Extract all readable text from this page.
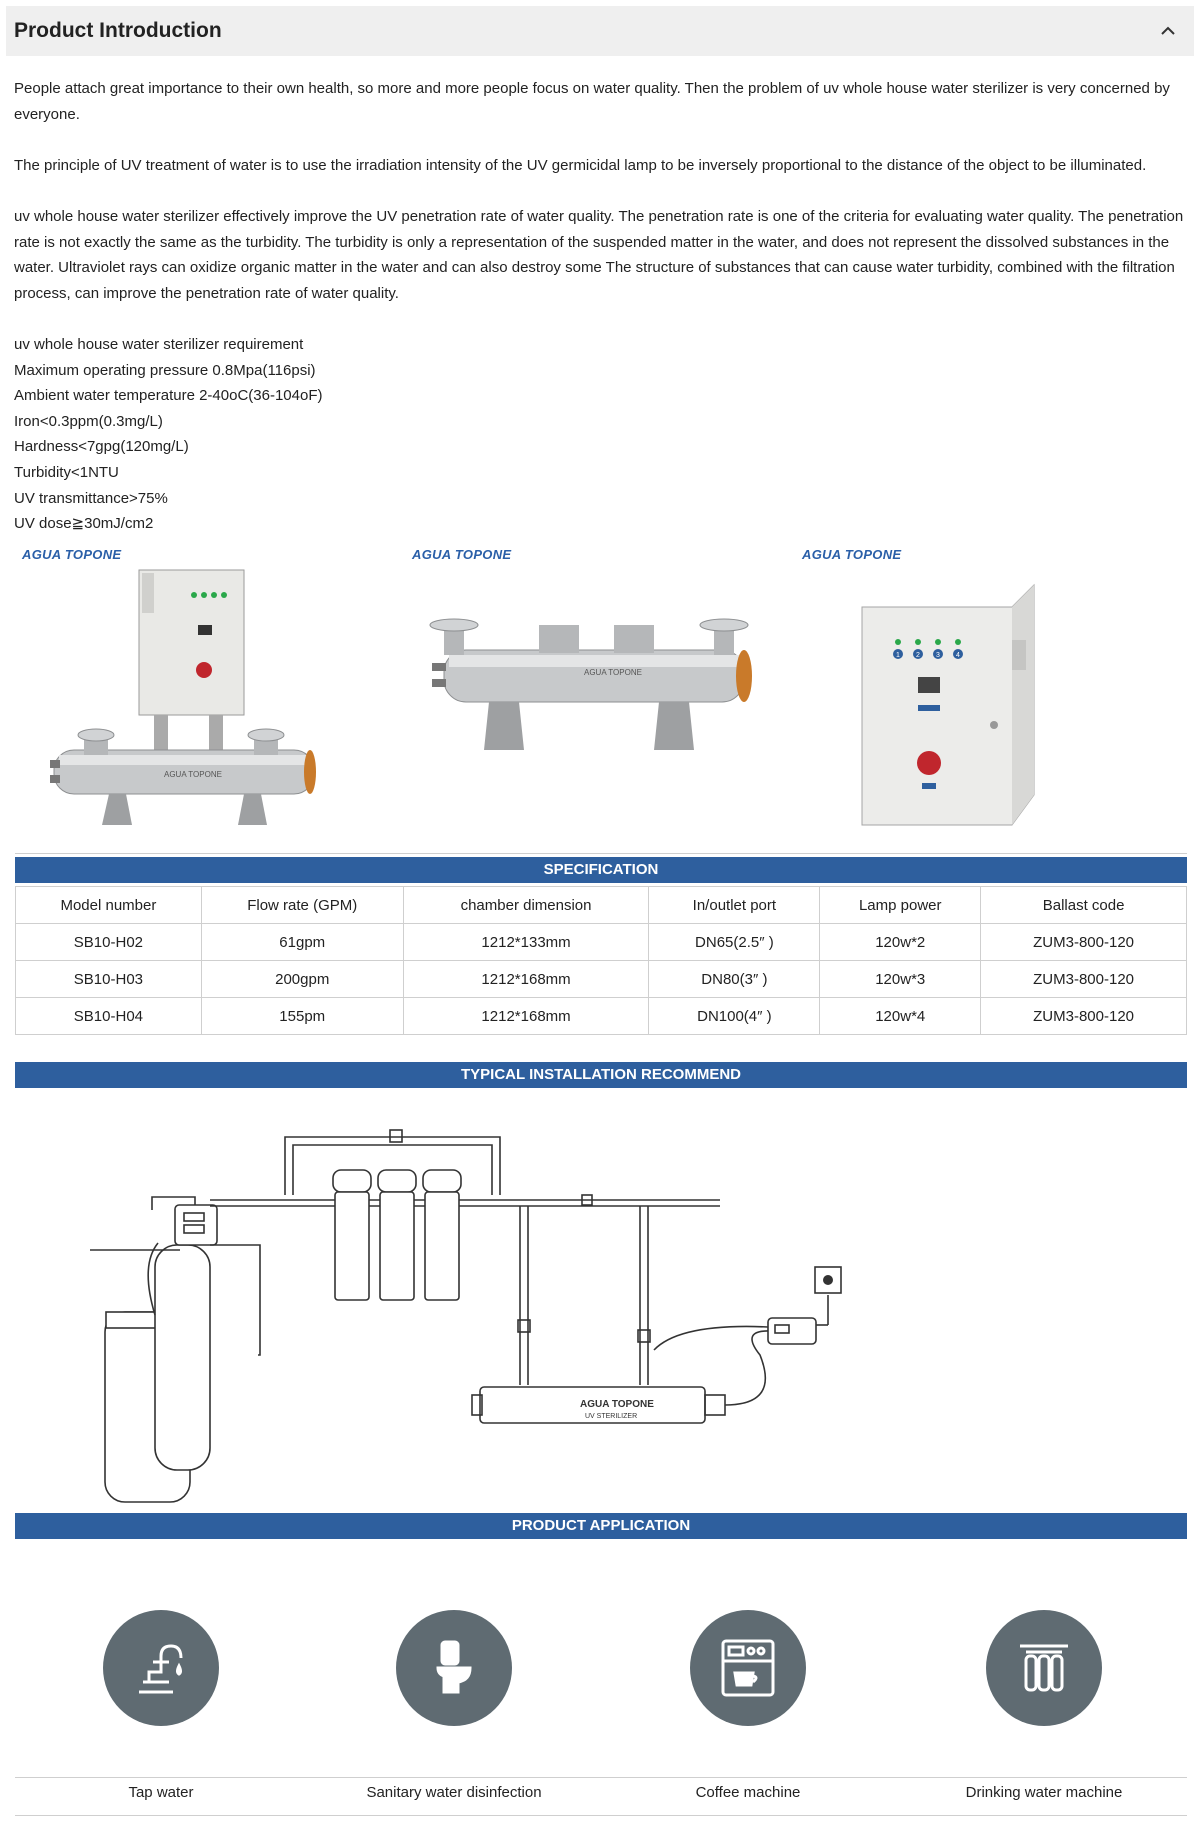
Product Introduction

People attach great importance to their own health, so more and more people focus on water quality. Then the problem of uv whole house water sterilizer is very concerned by everyone.

The principle of UV treatment of water is to use the irradiation intensity of the UV germicidal lamp to be inversely proportional to the distance of the object to be illuminated.

uv whole house water sterilizer effectively improve the UV penetration rate of water quality. The penetration rate is one of the criteria for evaluating water quality. The penetration rate is not exactly the same as the turbidity. The turbidity is only a representation of the suspended matter in the water, and does not represent the dissolved substances in the water. Ultraviolet rays can oxidize organic matter in the water and can also destroy some The structure of substances that can cause water turbidity, combined with the filtration process, can improve the penetration rate of water quality.

uv whole house water sterilizer requirement
Maximum operating pressure 0.8Mpa(116psi)
Ambient water temperature 2-40oC(36-104oF)
Iron<0.3ppm(0.3mg/L)
Hardness<7gpg(120mg/L)
Turbidity<1NTU
UV transmittance>75%
UV dose≧30mJ/cm2
AGUA TOPONE
AGUA TOPONE
AGUA TOPONE
AGUA TOPONE
AGUA TOPONE
1 2 3 4
SPECIFICATION
Model number	Flow rate (GPM)	chamber dimension	In/outlet port	Lamp power	Ballast code
SB10-H02	61gpm	1212*133mm	DN65(2.5″ )	120w*2	ZUM3-800-120
SB10-H03	200gpm	1212*168mm	DN80(3″ )	120w*3	ZUM3-800-120
SB10-H04	155pm	1212*168mm	DN100(4″ )	120w*4	ZUM3-800-120
TYPICAL INSTALLATION RECOMMEND
AGUA TOPONE
UV STERILIZER
PRODUCT APPLICATION
Tap water	Sanitary water disinfection	Coffee machine	Drinking water machine
